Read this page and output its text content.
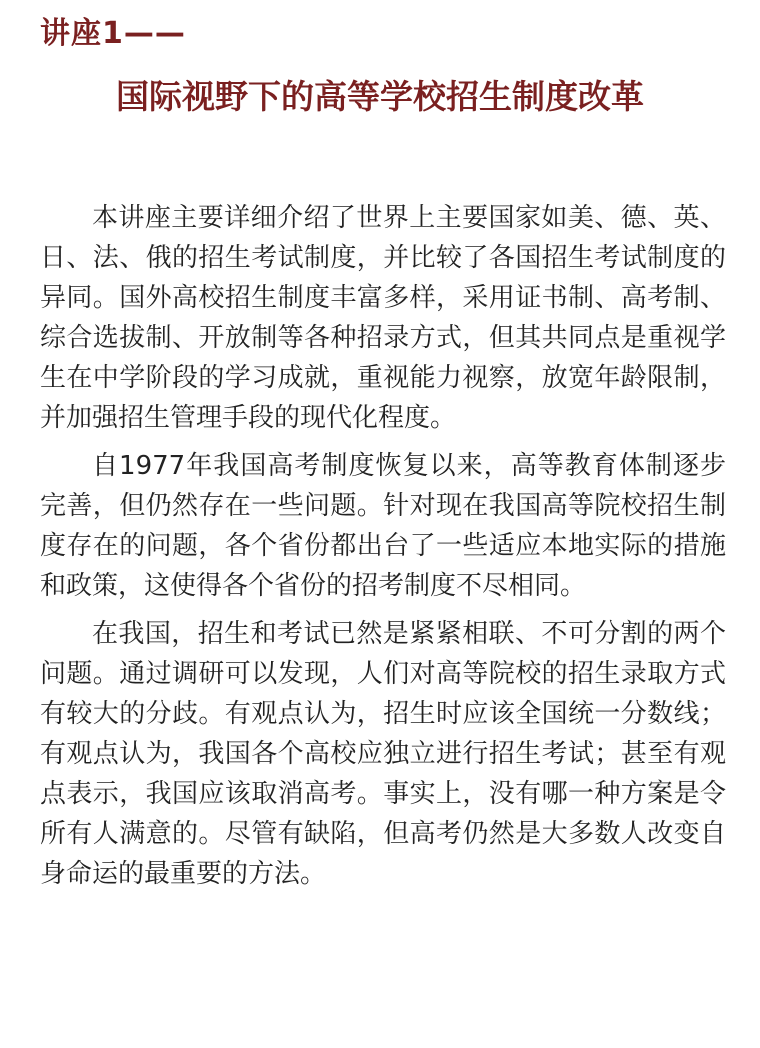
讲座1——
国际视野下的高等学校招生制度改革

本讲座主要详细介绍了世界上主要国家如美、德、英、日、法、俄的招生考试制度，并比较了各国招生考试制度的异同。国外高校招生制度丰富多样，采用证书制、高考制、综合选拔制、开放制等各种招录方式，但其共同点是重视学生在中学阶段的学习成就，重视能力视察，放宽年龄限制，并加强招生管理手段的现代化程度。

自1977年我国高考制度恢复以来，高等教育体制逐步完善，但仍然存在一些问题。针对现在我国高等院校招生制度存在的问题，各个省份都出台了一些适应本地实际的措施和政策，这使得各个省份的招考制度不尽相同。

在我国，招生和考试已然是紧紧相联、不可分割的两个问题。通过调研可以发现，人们对高等院校的招生录取方式有较大的分歧。有观点认为，招生时应该全国统一分数线；有观点认为，我国各个高校应独立进行招生考试；甚至有观点表示，我国应该取消高考。事实上，没有哪一种方案是令所有人满意的。尽管有缺陷，但高考仍然是大多数人改变自身命运的最重要的方法。
